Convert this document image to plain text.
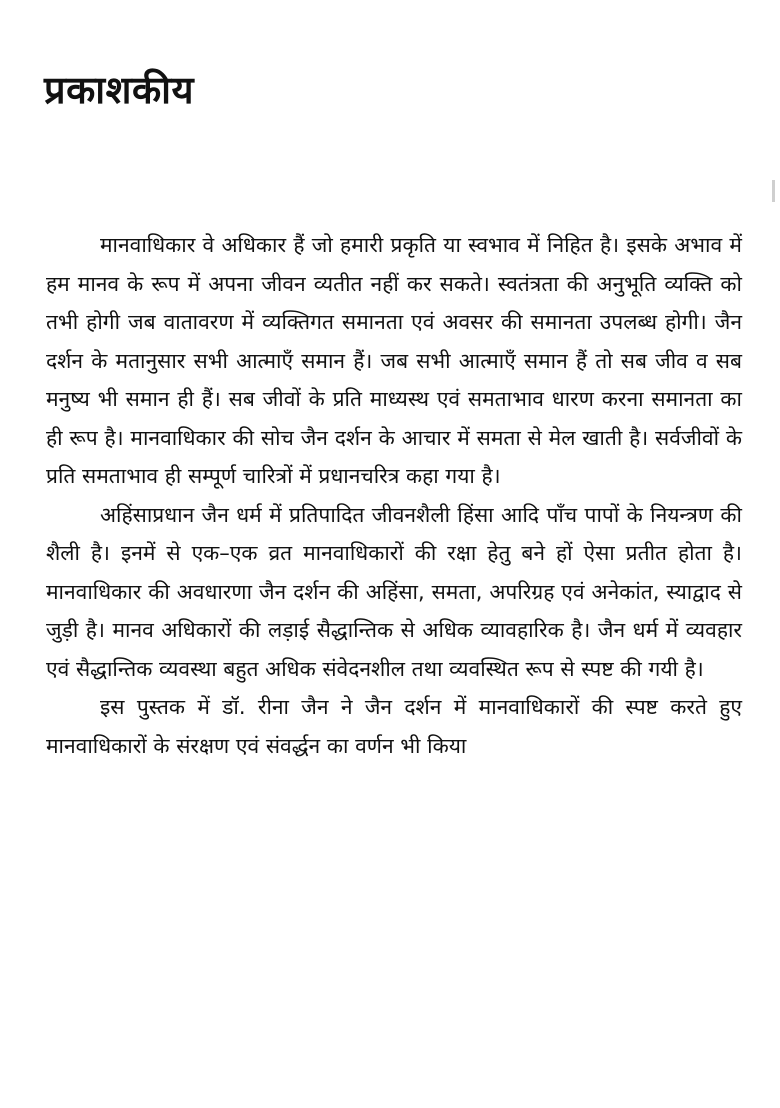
प्रकाशकीय

मानवाधिकार वे अधिकार हैं जो हमारी प्रकृति या स्वभाव में निहित है। इसके अभाव में हम मानव के रूप में अपना जीवन व्यतीत नहीं कर सकते। स्वतंत्रता की अनुभूति व्यक्ति को तभी होगी जब वातावरण में व्यक्तिगत समानता एवं अवसर की समानता उपलब्ध होगी। जैन दर्शन के मतानुसार सभी आत्माएँ समान हैं। जब सभी आत्माएँ समान हैं तो सब जीव व सब मनुष्य भी समान ही हैं। सब जीवों के प्रति माध्यस्थ एवं समताभाव धारण करना समानता का ही रूप है। मानवाधिकार की सोच जैन दर्शन के आचार में समता से मेल खाती है। सर्वजीवों के प्रति समताभाव ही सम्पूर्ण चारित्रों में प्रधानचरित्र कहा गया है।

अहिंसाप्रधान जैन धर्म में प्रतिपादित जीवनशैली हिंसा आदि पाँच पापों के नियन्त्रण की शैली है। इनमें से एक–एक व्रत मानवाधिकारों की रक्षा हेतु बने हों ऐसा प्रतीत होता है। मानवाधिकार की अवधारणा जैन दर्शन की अहिंसा, समता, अपरिग्रह एवं अनेकांत, स्याद्वाद से जुड़ी है। मानव अधिकारों की लड़ाई सैद्धान्तिक से अधिक व्यावहारिक है। जैन धर्म में व्यवहार एवं सैद्धान्तिक व्यवस्था बहुत अधिक संवेदनशील तथा व्यवस्थित रूप से स्पष्ट की गयी है।

इस पुस्तक में डॉ. रीना जैन ने जैन दर्शन में मानवाधिकारों की स्पष्ट करते हुए मानवाधिकारों के संरक्षण एवं संवर्द्धन का वर्णन भी किया
